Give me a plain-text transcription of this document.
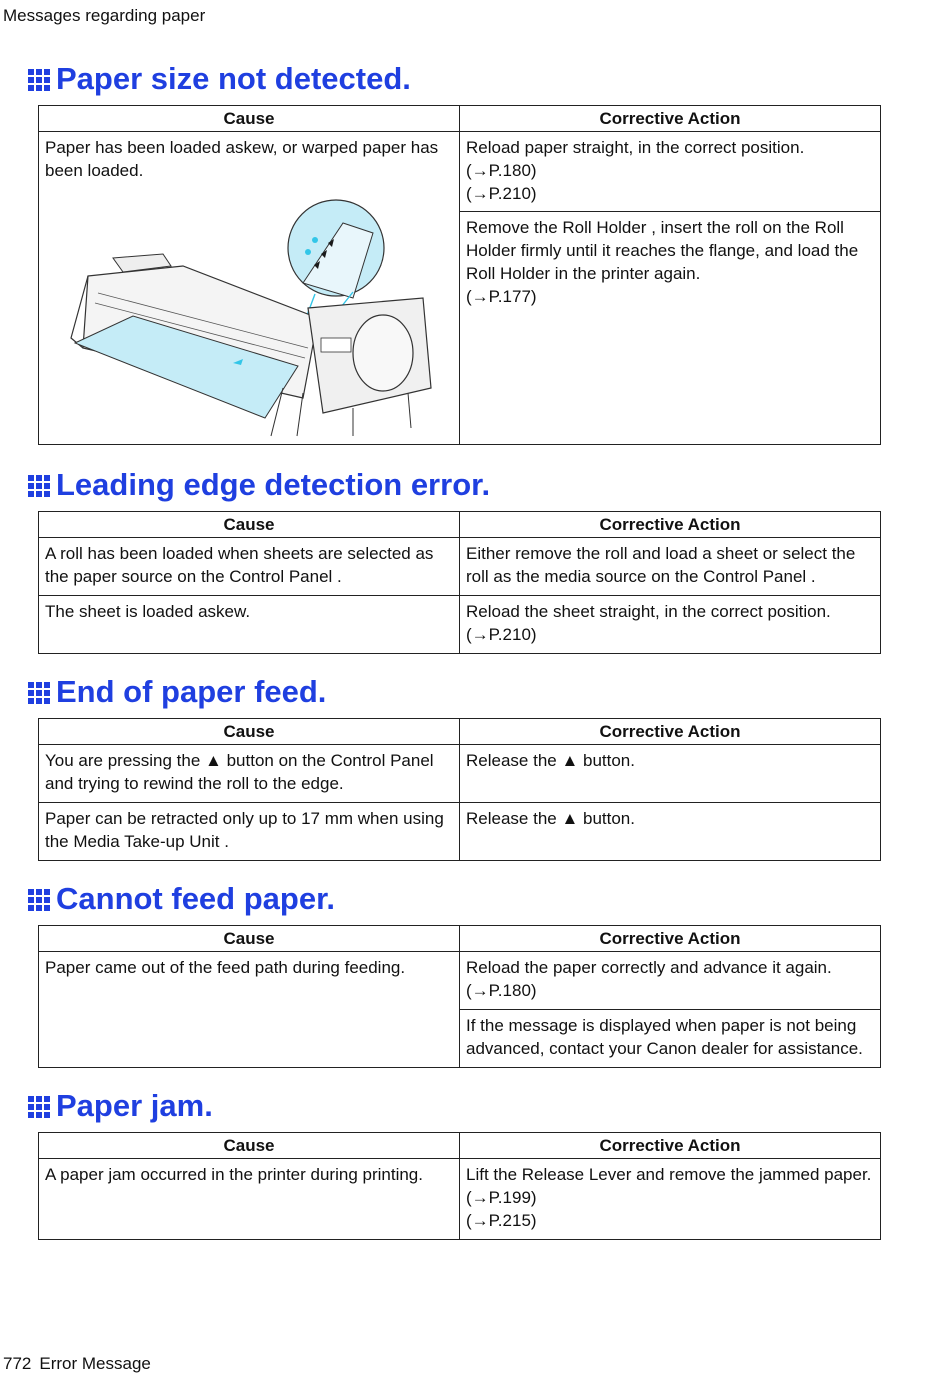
Messages regarding paper
Paper size not detected.
Cause	Corrective Action

Paper has been loaded askew, or warped paper has been loaded.	Reload paper straight, in the correct position.
(→P.180)
(→P.210)

	Remove the Roll Holder , insert the roll on the Roll Holder firmly until it reaches the flange, and load the Roll Holder in the printer again.
(→P.177)
Leading edge detection error.
Cause	Corrective Action
A roll has been loaded when sheets are selected as the paper source on the Control Panel .	Either remove the roll and load a sheet or select the roll as the media source on the Control Panel .
The sheet is loaded askew.	Reload the sheet straight, in the correct position.
(→P.210)
End of paper feed.
Cause	Corrective Action
You are pressing the ▲ button on the Control Panel and trying to rewind the roll to the edge.	Release the ▲ button.
Paper can be retracted only up to 17 mm when using the Media Take-up Unit .	Release the ▲ button.
Cannot feed paper.
Cause	Corrective Action
Paper came out of the feed path during feeding.	Reload the paper correctly and advance it again.
(→P.180)

	If the message is displayed when paper is not being advanced, contact your Canon dealer for assistance.
Paper jam.
Cause	Corrective Action
A paper jam occurred in the printer during printing.	Lift the Release Lever and remove the jammed paper.
(→P.199)
(→P.215)
772 Error Message
